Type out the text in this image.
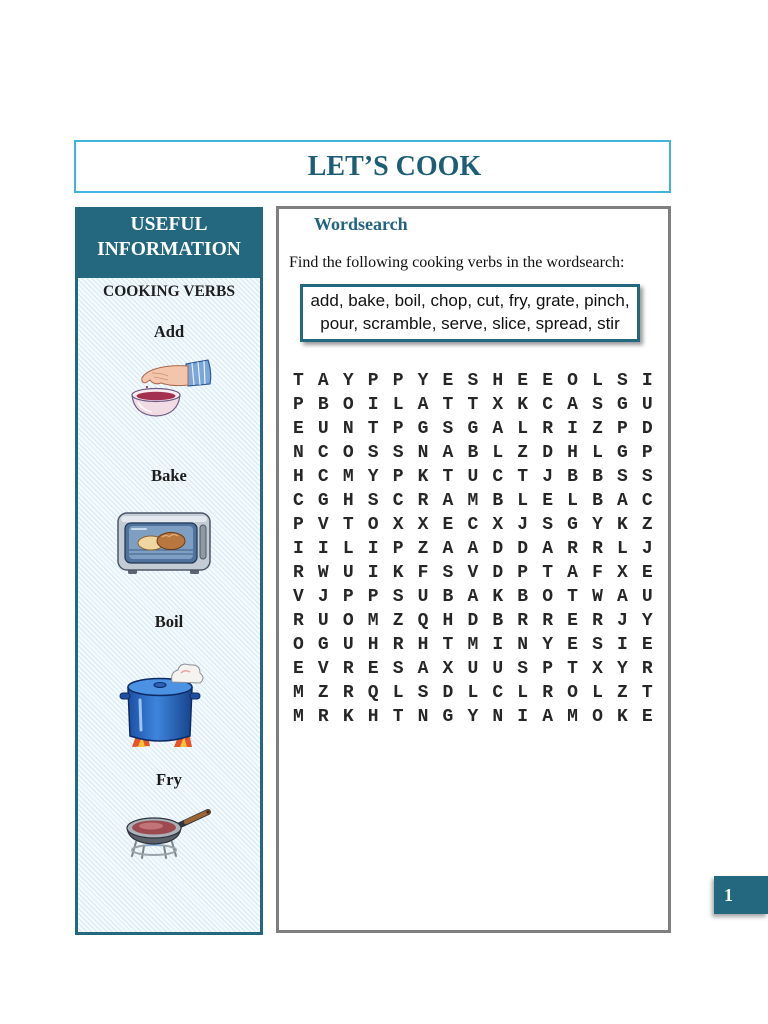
LET’S COOK
USEFUL INFORMATION
COOKING VERBS
Add
Bake
Boil
Fry
Wordsearch

Find the following cooking verbs in the wordsearch:

add, bake, boil, chop, cut, fry, grate, pinch,
pour, scramble, serve, slice, spread, stir
T A Y P P Y E S H E E O L S I
P B O I L A T T X K C A S G U
E U N T P G S G A L R I Z P D
N C O S S N A B L Z D H L G P
H C M Y P K T U C T J B B S S
C G H S C R A M B L E L B A C
P V T O X X E C X J S G Y K Z
I I L I P Z A A D D A R R L J
R W U I K F S V D P T A F X E
V J P P S U B A K B O T W A U
R U O M Z Q H D B R R E R J Y
O G U H R H T M I N Y E S I E
E V R E S A X U U S P T X Y R
M Z R Q L S D L C L R O L Z T
M R K H T N G Y N I A M O K E
1
